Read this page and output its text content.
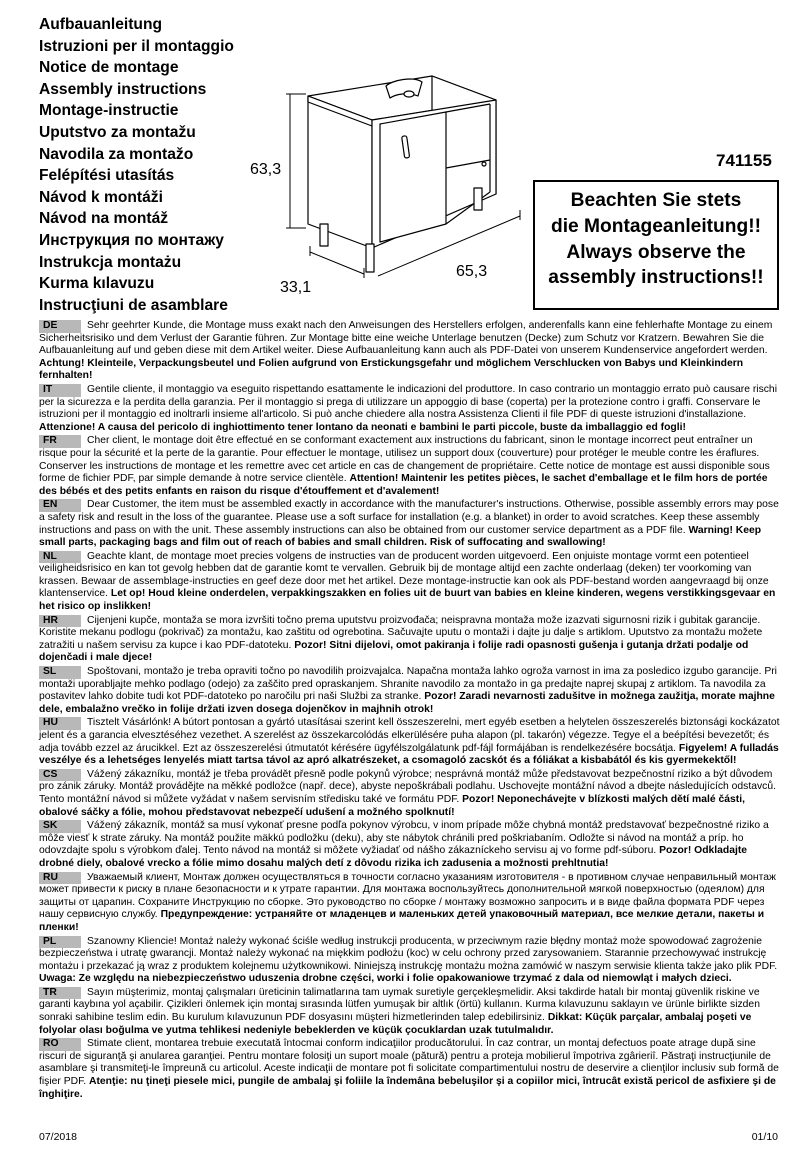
Aufbauanleitung
Istruzioni per il montaggio
Notice de montage
Assembly instructions
Montage-instructie
Uputstvo za montažu
Navodila za montažo
Felépítési utasítás
Návod k montáži
Návod na montáž
Инструкция по монтажу
Instrukcja montażu
Kurma kılavuzu
Instrucţiuni de asamblare
63,3
33,1
65,3
741155
Beachten Sie stets
die Montageanleitung!!
Always observe the
assembly instructions!!

DE	Sehr geehrter Kunde, die Montage muss exakt nach den Anweisungen des Herstellers erfolgen, anderenfalls kann eine fehlerhafte Montage zu einem Sicherheitsrisiko und dem Verlust der Garantie führen. Zur Montage bitte eine weiche Unterlage benutzen (Decke) zum Schutz vor Kratzern. Bewahren Sie die Aufbauanleitung auf und geben diese mit dem Artikel weiter. Diese Aufbauanleitung kann auch als PDF-Datei von unserem Kundenservice angefordert werden. Achtung! Kleinteile, Verpackungsbeutel und Folien aufgrund von Erstickungsgefahr und möglichem Verschlucken von Babys und Kleinkindern fernhalten!

IT	Gentile cliente, il montaggio va eseguito rispettando esattamente le indicazioni del produttore. In caso contrario un montaggio errato può causare rischi per la sicurezza e la perdita della garanzia. Per il montaggio si prega di utilizzare un appoggio di base (coperta) per la protezione contro i graffi. Conservare le istruzioni per il montaggio ed inoltrarli insieme all'articolo. Si può anche chiedere alla nostra Assistenza Clienti il file PDF di queste istruzioni d'installazione. Attenzione! A causa del pericolo di inghiottimento tener lontano da neonati e bambini le parti piccole, buste da imballaggio ed fogli!

FR	Cher client, le montage doit être effectué en se conformant exactement aux instructions du fabricant, sinon le montage incorrect peut entraîner un risque pour la sécurité et la perte de la garantie. Pour effectuer le montage, utilisez un support doux (couverture) pour protéger le meuble contre les éraflures. Conserver les instructions de montage et les remettre avec cet article en cas de changement de propriétaire. Cette notice de montage est aussi disponible sous forme de fichier PDF, par simple demande à notre service clientèle. Attention! Maintenir les petites pièces, le sachet d'emballage et le film hors de portée des bébés et des petits enfants en raison du risque d'étouffement et d'avalement!

EN	Dear Customer, the item must be assembled exactly in accordance with the manufacturer's instructions. Otherwise, possible assembly errors may pose a safety risk and result in the loss of the guarantee. Please use a soft surface for installation (e.g. a blanket) in order to avoid scratches. Keep these assembly instructions and pass on with the unit. These assembly instructions can also be obtained from our customer service department as a PDF file. Warning! Keep small parts, packaging bags and film out of reach of babies and small children. Risk of suffocating and swallowing!

NL	Geachte klant, de montage moet precies volgens de instructies van de producent worden uitgevoerd. Een onjuiste montage vormt een potentieel veiligheidsrisico en kan tot gevolg hebben dat de garantie komt te vervallen. Gebruik bij de montage altijd een zachte onderlaag (deken) ter voorkoming van krassen. Bewaar de assemblage-instructies en geef deze door met het artikel. Deze montage-instructie kan ook als PDF-bestand worden aangevraagd bij onze klantenservice. Let op! Houd kleine onderdelen, verpakkingszakken en folies uit de buurt van babies en kleine kinderen, wegens verstikkingsgevaar en het risico op inslikken!

HR	Cijenjeni kupče, montaža se mora izvršiti točno prema uputstvu proizvođača; neispravna montaža može izazvati sigurnosni rizik i gubitak garancije. Koristite mekanu podlogu (pokrivač) za montažu, kao zaštitu od ogrebotina. Sačuvajte uputu o montaži i dajte ju dalje s artiklom. Uputstvo za montažu možete zatražiti u našem servisu za kupce i kao PDF-datoteku. Pozor! Sitni dijelovi, omot pakiranja i folije radi opasnosti gušenja i gutanja držati podalje od dojenčadi i male djece!

SL	Spoštovani, montažo je treba opraviti točno po navodilih proizvajalca. Napačna montaža lahko ogroža varnost in ima za posledico izgubo garancije. Pri montaži uporabljajte mehko podlago (odejo) za zaščito pred opraskanjem. Shranite navodilo za montažo in ga predajte naprej skupaj z artiklom. Ta navodila za postavitev lahko dobite tudi kot PDF-datoteko po naročilu pri naši Službi za stranke. Pozor! Zaradi nevarnosti zadušitve in možnega zaužitja, morate majhne dele, embalažno vrečko in folije držati izven dosega dojenčkov in majhnih otrok!

HU	Tisztelt Vásárlónk! A bútort pontosan a gyártó utasításai szerint kell összeszerelni, mert egyéb esetben a helytelen összeszerelés biztonsági kockázatot jelent és a garancia elvesztéséhez vezethet. A szerelést az összekarcolódás elkerülésére puha alapon (pl. takarón) végezze. Tegye el a beépítési bevezetőt; és adja tovább ezzel az árucikkel. Ezt az összeszerelési útmutatót kérésére ügyfélszolgálatunk pdf-fájl formájában is rendelkezésére bocsátja. Figyelem! A fulladás veszélye és a lehetséges lenyelés miatt tartsa távol az apró alkatrészeket, a csomagoló zacskót és a fóliákat a kisbabától és kis gyermekektől!

CS	Vážený zákazníku, montáž je třeba provádět přesně podle pokynů výrobce; nesprávná montáž může představovat bezpečnostní riziko a být důvodem pro zánik záruky. Montáž provádějte na měkké podložce (např. dece), abyste nepoškrábali podlahu. Uschovejte montážní návod a dbejte následujících odstavců. Tento montážní návod si můžete vyžádat v našem servisním středisku také ve formátu PDF. Pozor! Neponechávejte v blízkosti malých dětí malé části, obalové sáčky a fólie, mohou představovat nebezpečí udušení a možného spolknutí!

SK	Vážený zákazník, montáž sa musí vykonať presne podľa pokynov výrobcu, v inom prípade môže chybná montáž predstavovať bezpečnostné riziko a môže viesť k strate záruky. Na montáž použite mäkkú podložku (deku), aby ste nábytok chránili pred poškriabaním. Odložte si návod na montáž a príp. ho odovzdajte spolu s výrobkom ďalej. Tento návod na montáž si môžete vyžiadať od nášho zákazníckeho servisu aj vo forme pdf-súboru. Pozor! Odkladajte drobné diely, obalové vrecko a fólie mimo dosahu malých detí z dôvodu rizika ich zadusenia a možnosti prehltnutia!

RU	Уважаемый клиент, Монтаж должен осуществляться в точности согласно указаниям изготовителя - в противном случае неправильный монтаж может привести к риску в плане безопасности и к утрате гарантии. Для монтажа воспользуйтесь дополнительной мягкой поверхностью (одеялом) для защиты от царапин. Сохраните Инструкцию по сборке. Это руководство по сборке / монтажу возможно запросить и в виде файла формата PDF через нашу сервисную службу. Предупреждение: устраняйте от младенцев и маленьких детей упаковочный материал, все мелкие детали, пакеты и пленки!

PL	Szanowny Kliencie! Montaż należy wykonać ściśle według instrukcji producenta, w przeciwnym razie błędny montaż może spowodować zagrożenie bezpieczeństwa i utratę gwarancji. Montaż należy wykonać na miękkim podłożu (koc) w celu ochrony przed zarysowaniem. Starannie przechowywać instrukcję montażu i przekazać ją wraz z produktem kolejnemu użytkownikowi. Niniejszą instrukcję montażu można zamówić w naszym serwisie klienta także jako plik PDF. Uwaga: Ze względu na niebezpieczeństwo uduszenia drobne części, worki i folie opakowaniowe trzymać z dala od niemowląt i małych dzieci.

TR	Sayın müşterimiz, montaj çalışmaları üreticinin talimatlarına tam uymak suretiyle gerçekleşmelidir. Aksi takdirde hatalı bir montaj güvenlik riskine ve garanti kaybına yol açabilir. Çizikleri önlemek için montaj sırasında lütfen yumuşak bir altlık (örtü) kullanın. Kurma kılavuzunu saklayın ve ürünle birlikte sizden sonraki sahibine teslim edin. Bu kurulum kılavuzunun PDF dosyasını müşteri hizmetlerinden talep edebilirsiniz. Dikkat: Küçük parçalar, ambalaj poşeti ve folyolar olası boğulma ve yutma tehlikesi nedeniyle bebeklerden ve küçük çocuklardan uzak tutulmalıdır.

RO	Stimate client, montarea trebuie executată întocmai conform indicaţiilor producătorului. În caz contrar, un montaj defectuos poate atrage după sine riscuri de siguranţă şi anularea garanţiei. Pentru montare folosiţi un suport moale (pătură) pentru a proteja mobilierul împotriva zgârieriî. Păstraţi instrucţiunile de asamblare şi transmiteţi-le împreună cu articolul. Aceste indicaţii de montare pot fi solicitate compartimentului nostru de deservire a clienţilor inclusiv sub formă de fişier PDF. Atenţie: nu ţineţi piesele mici, pungile de ambalaj şi foliile la îndemâna bebeluşilor şi a copiilor mici, întrucât există pericol de asfixiere şi de înghiţire.

07/2018	01/10
